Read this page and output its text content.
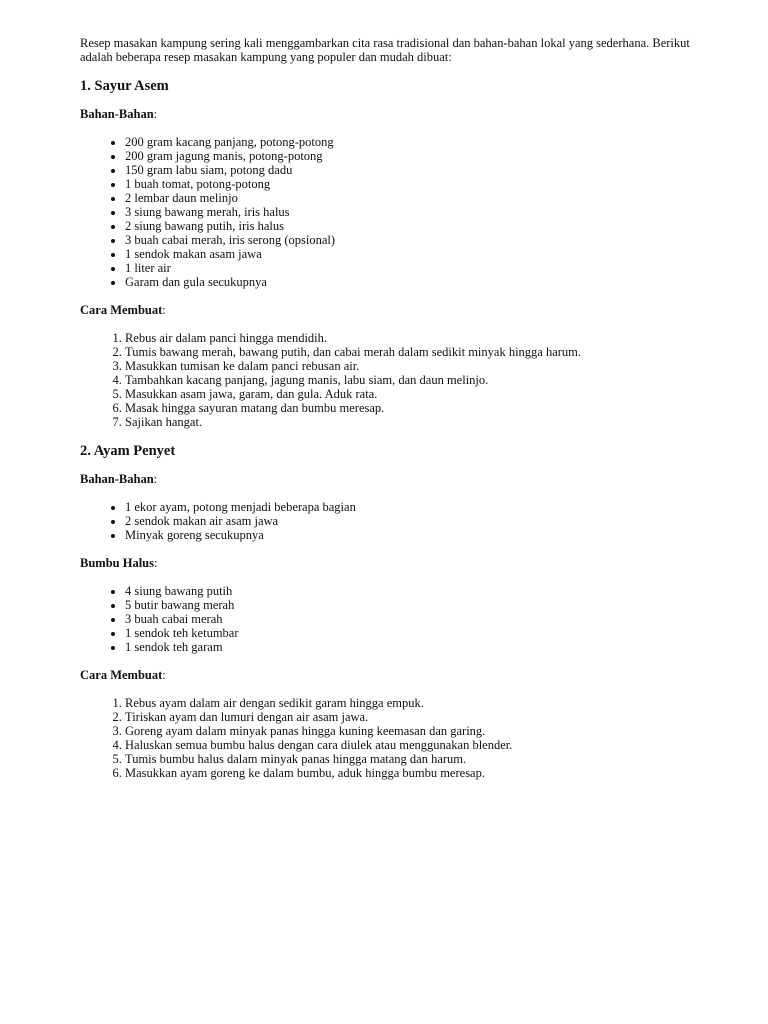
Resep masakan kampung sering kali menggambarkan cita rasa tradisional dan bahan-bahan lokal yang sederhana. Berikut adalah beberapa resep masakan kampung yang populer dan mudah dibuat:

1. Sayur Asem

Bahan-Bahan:

• 200 gram kacang panjang, potong-potong
• 200 gram jagung manis, potong-potong
• 150 gram labu siam, potong dadu
• 1 buah tomat, potong-potong
• 2 lembar daun melinjo
• 3 siung bawang merah, iris halus
• 2 siung bawang putih, iris halus
• 3 buah cabai merah, iris serong (opsional)
• 1 sendok makan asam jawa
• 1 liter air
• Garam dan gula secukupnya

Cara Membuat:

1. Rebus air dalam panci hingga mendidih.
2. Tumis bawang merah, bawang putih, dan cabai merah dalam sedikit minyak hingga harum.
3. Masukkan tumisan ke dalam panci rebusan air.
4. Tambahkan kacang panjang, jagung manis, labu siam, dan daun melinjo.
5. Masukkan asam jawa, garam, dan gula. Aduk rata.
6. Masak hingga sayuran matang dan bumbu meresap.
7. Sajikan hangat.
2. Ayam Penyet

Bahan-Bahan:

• 1 ekor ayam, potong menjadi beberapa bagian
• 2 sendok makan air asam jawa
• Minyak goreng secukupnya

Bumbu Halus:

• 4 siung bawang putih
• 5 butir bawang merah
• 3 buah cabai merah
• 1 sendok teh ketumbar
• 1 sendok teh garam

Cara Membuat:

1. Rebus ayam dalam air dengan sedikit garam hingga empuk.
2. Tiriskan ayam dan lumuri dengan air asam jawa.
3. Goreng ayam dalam minyak panas hingga kuning keemasan dan garing.
4. Haluskan semua bumbu halus dengan cara diulek atau menggunakan blender.
5. Tumis bumbu halus dalam minyak panas hingga matang dan harum.
6. Masukkan ayam goreng ke dalam bumbu, aduk hingga bumbu meresap.
